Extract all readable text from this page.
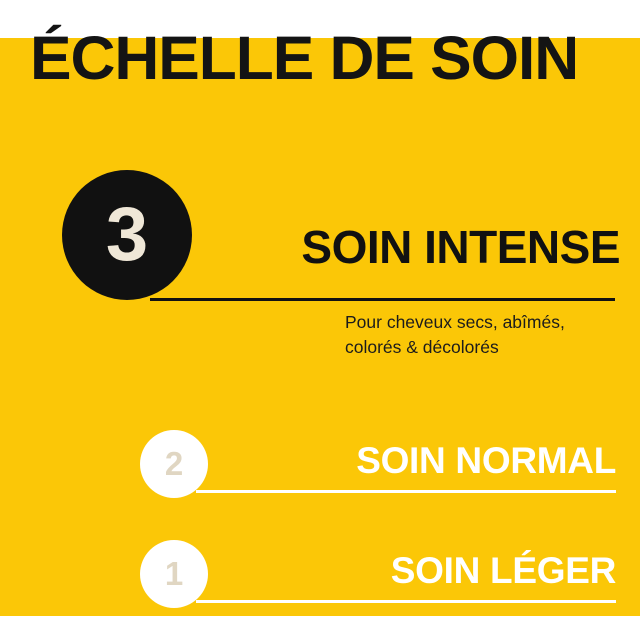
ÉCHELLE DE SOIN
3	SOIN INTENSE
Pour cheveux secs, abîmés, colorés & décolorés
2	SOIN NORMAL
1	SOIN LÉGER
